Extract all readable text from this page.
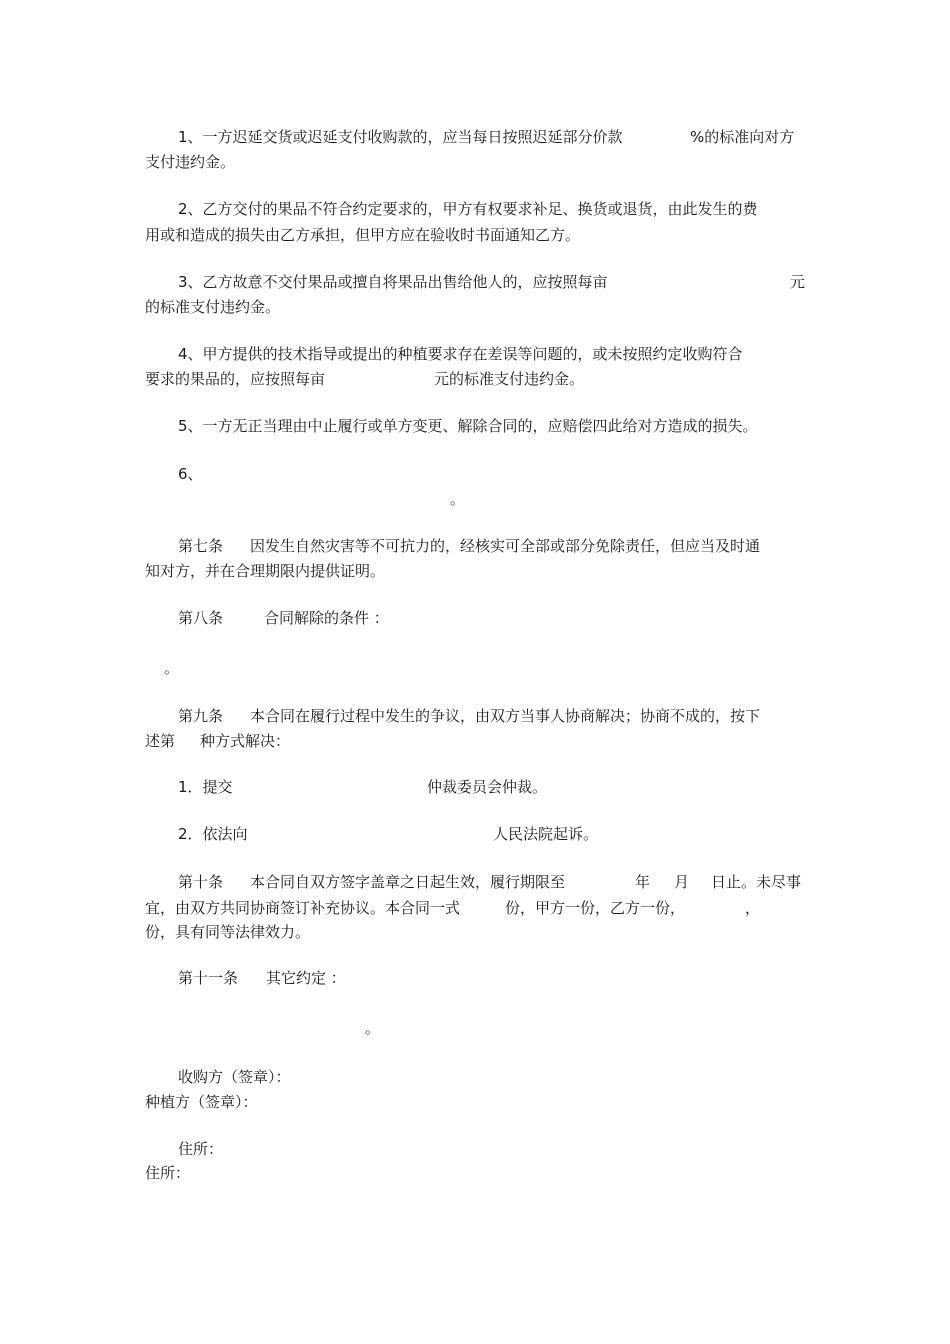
1、一方迟延交货或迟延支付收购款的，应当每日按照迟延部分价款	%的标准向对方
支付违约金。
2、乙方交付的果品不符合约定要求的，甲方有权要求补足、换货或退货，由此发生的费
用或和造成的损失由乙方承担，但甲方应在验收时书面通知乙方。
3、乙方故意不交付果品或擅自将果品出售给他人的，应按照每亩	元
的标准支付违约金。
4、甲方提供的技术指导或提出的种植要求存在差误等问题的，或未按照约定收购符合
要求的果品的，应按照每亩	元的标准支付违约金。
5、一方无正当理由中止履行或单方变更、解除合同的，应赔偿四此给对方造成的损失。
6、
。
第七条 因发生自然灾害等不可抗力的，经核实可全部或部分免除责任，但应当及时通
知对方，并在合理期限内提供证明。
第八条	合同解除的条件 ：
。
第九条 本合同在履行过程中发生的争议，由双方当事人协商解决；协商不成的，按下
述第 种方式解决：
1．提交	仲裁委员会仲裁。
2．依法向	人民法院起诉。
第十条 本合同自双方签字盖章之日起生效，履行期限至	年 月 日止。未尽事
宜，由双方共同协商签订补充协议。本合同一式	份，甲方一份，乙方一份，	，
份，具有同等法律效力。
第十一条 其它约定 ：
。
收购方（签章）：
种植方（签章）：
住所：
住所：
